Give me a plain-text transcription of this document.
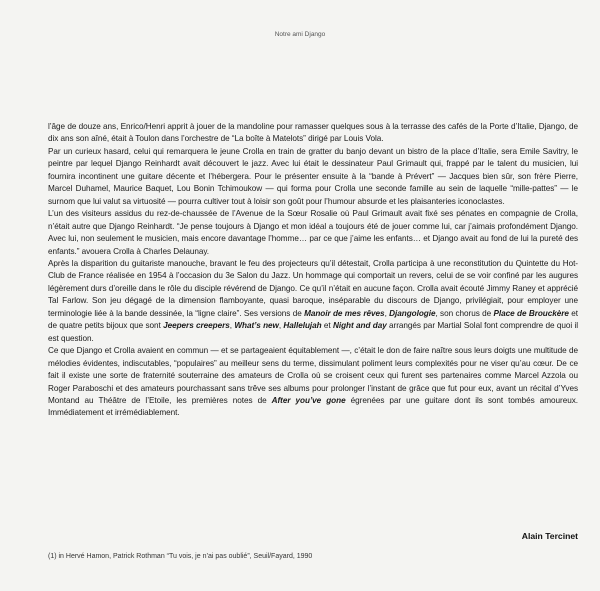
Notre ami Django

l’âge de douze ans, Enrico/Henri apprit à jouer de la mandoline pour ramasser quelques sous à la terrasse des cafés de la Porte d’Italie, Django, de dix ans son aîné, était à Toulon dans l’orchestre de “La boîte à Matelots” dirigé par Louis Vola.

Par un curieux hasard, celui qui remarquera le jeune Crolla en train de gratter du banjo devant un bistro de la place d’Italie, sera Emile Savitry, le peintre par lequel Django Reinhardt avait découvert le jazz. Avec lui était le dessinateur Paul Grimault qui, frappé par le talent du musicien, lui fournira incontinent une guitare décente et l’hébergera. Pour le présenter ensuite à la “bande à Prévert” — Jacques bien sûr, son frère Pierre, Marcel Duhamel, Maurice Baquet, Lou Bonin Tchimoukow — qui forma pour Crolla une seconde famille au sein de laquelle “mille-pattes” — le surnom que lui valut sa virtuosité — pourra cultiver tout à loisir son goût pour l’humour absurde et les plaisanteries iconoclastes.

L’un des visiteurs assidus du rez-de-chaussée de l’Avenue de la Sœur Rosalie où Paul Grimault avait fixé ses pénates en compagnie de Crolla, n’était autre que Django Reinhardt. “Je pense toujours à Django et mon idéal a toujours été de jouer comme lui, car j’aimais profondément Django. Avec lui, non seulement le musicien, mais encore davantage l’homme… par ce que j’aime les enfants… et Django avait au fond de lui la pureté des enfants.” avouera Crolla à Charles Delaunay.

Après la disparition du guitariste manouche, bravant le feu des projecteurs qu’il détestait, Crolla participa à une reconstitution du Quintette du Hot-Club de France réalisée en 1954 à l’occasion du 3e Salon du Jazz. Un hommage qui comportait un revers, celui de se voir confiné par les augures légèrement durs d’oreille dans le rôle du disciple révérend de Django. Ce qu’il n’était en aucune façon. Crolla avait écouté Jimmy Raney et apprécié Tal Farlow. Son jeu dégagé de la dimension flamboyante, quasi baroque, inséparable du discours de Django, privilégiait, pour employer une terminologie liée à la bande dessinée, la “ligne claire”. Ses versions de Manoir de mes rêves, Djangologie, son chorus de Place de Brouckère et de quatre petits bijoux que sont Jeepers creepers, What’s new, Hallelujah et Night and day arrangés par Martial Solal font comprendre de quoi il est question.

Ce que Django et Crolla avaient en commun — et se partageaient équitablement —, c’était le don de faire naître sous leurs doigts une multitude de mélodies évidentes, indiscutables, “populaires” au meilleur sens du terme, dissimulant poliment leurs complexités pour ne viser qu’au cœur. De ce fait il existe une sorte de fraternité souterraine des amateurs de Crolla où se croisent ceux qui furent ses partenaires comme Marcel Azzola ou Roger Paraboschi et des amateurs pourchassant sans trêve ses albums pour prolonger l’instant de grâce que fut pour eux, avant un récital d’Yves Montand au Théâtre de l’Etoile, les premières notes de After you’ve gone égrenées par une guitare dont ils sont tombés amoureux. Immédiatement et irrémédiablement.

Alain Tercinet
(1) in Hervé Hamon, Patrick Rothman “Tu vois, je n’ai pas oublié”, Seuil/Fayard, 1990
